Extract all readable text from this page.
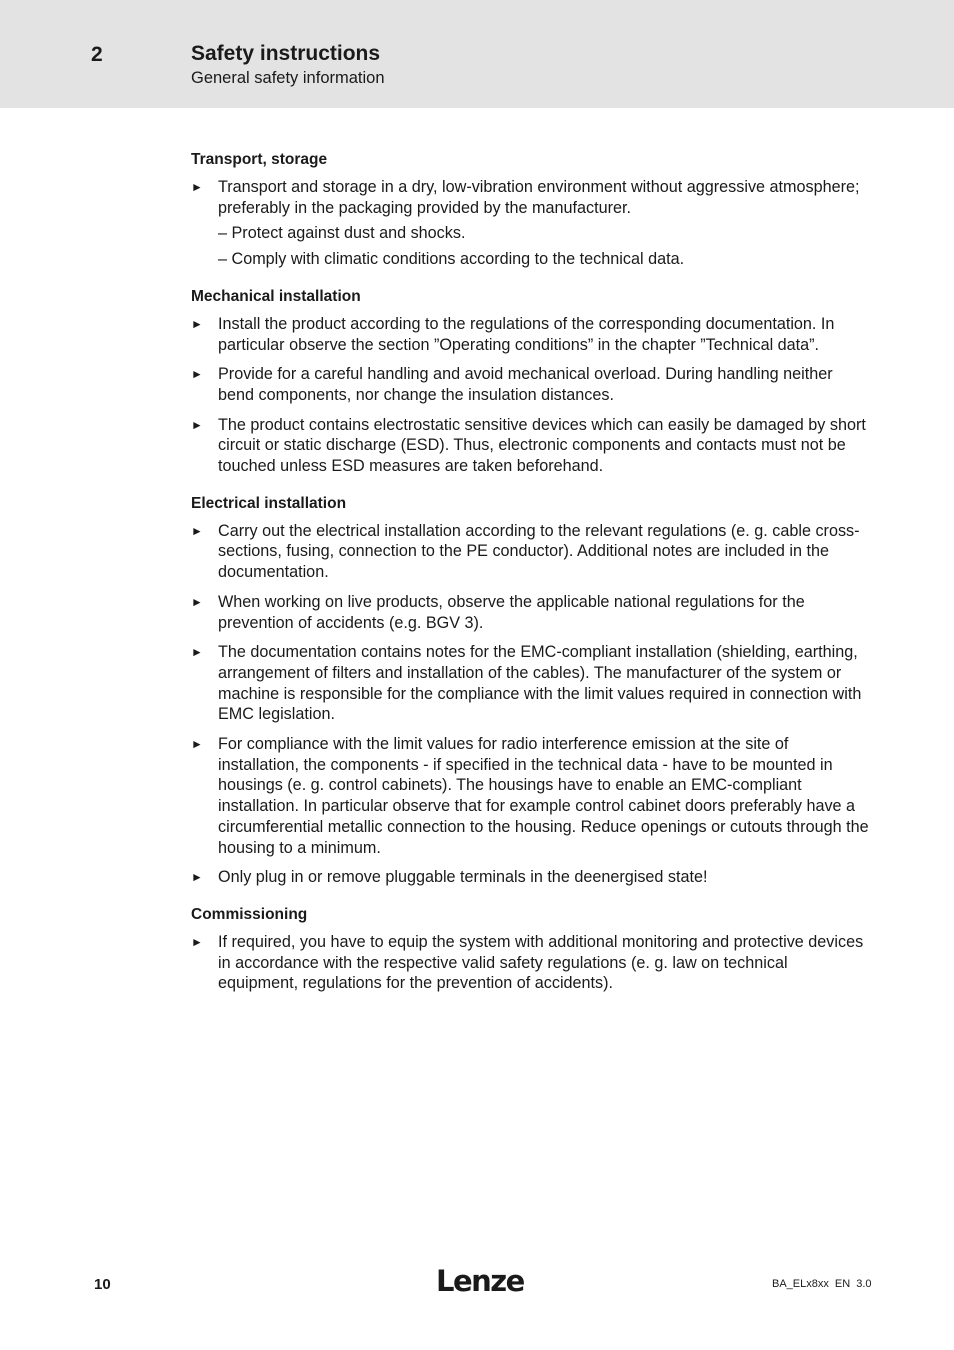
2	Safety instructions
General safety information
Transport, storage
► Transport and storage in a dry, low-vibration environment without aggressive atmosphere; preferably in the packaging provided by the manufacturer.
– Protect against dust and shocks.
– Comply with climatic conditions according to the technical data.
Mechanical installation
► Install the product according to the regulations of the corresponding documentation. In particular observe the section ”Operating conditions” in the chapter ”Technical data”.
► Provide for a careful handling and avoid mechanical overload. During handling neither bend components, nor change the insulation distances.
► The product contains electrostatic sensitive devices which can easily be damaged by short circuit or static discharge (ESD). Thus, electronic components and contacts must not be touched unless ESD measures are taken beforehand.
Electrical installation
► Carry out the electrical installation according to the relevant regulations (e. g. cable cross-sections, fusing, connection to the PE conductor). Additional notes are included in the documentation.
► When working on live products, observe the applicable national regulations for the prevention of accidents (e.g. BGV 3).
► The documentation contains notes for the EMC-compliant installation (shielding, earthing, arrangement of filters and installation of the cables). The manufacturer of the system or machine is responsible for the compliance with the limit values required in connection with EMC legislation.
► For compliance with the limit values for radio interference emission at the site of installation, the components - if specified in the technical data - have to be mounted in housings (e. g. control cabinets). The housings have to enable an EMC-compliant installation. In particular observe that for example control cabinet doors preferably have a circumferential metallic connection to the housing. Reduce openings or cutouts through the housing to a minimum.
► Only plug in or remove pluggable terminals in the deenergised state!
Commissioning
► If required, you have to equip the system with additional monitoring and protective devices in accordance with the respective valid safety regulations (e. g. law on technical equipment, regulations for the prevention of accidents).
10	Lenze	BA_ELx8xx EN 3.0
